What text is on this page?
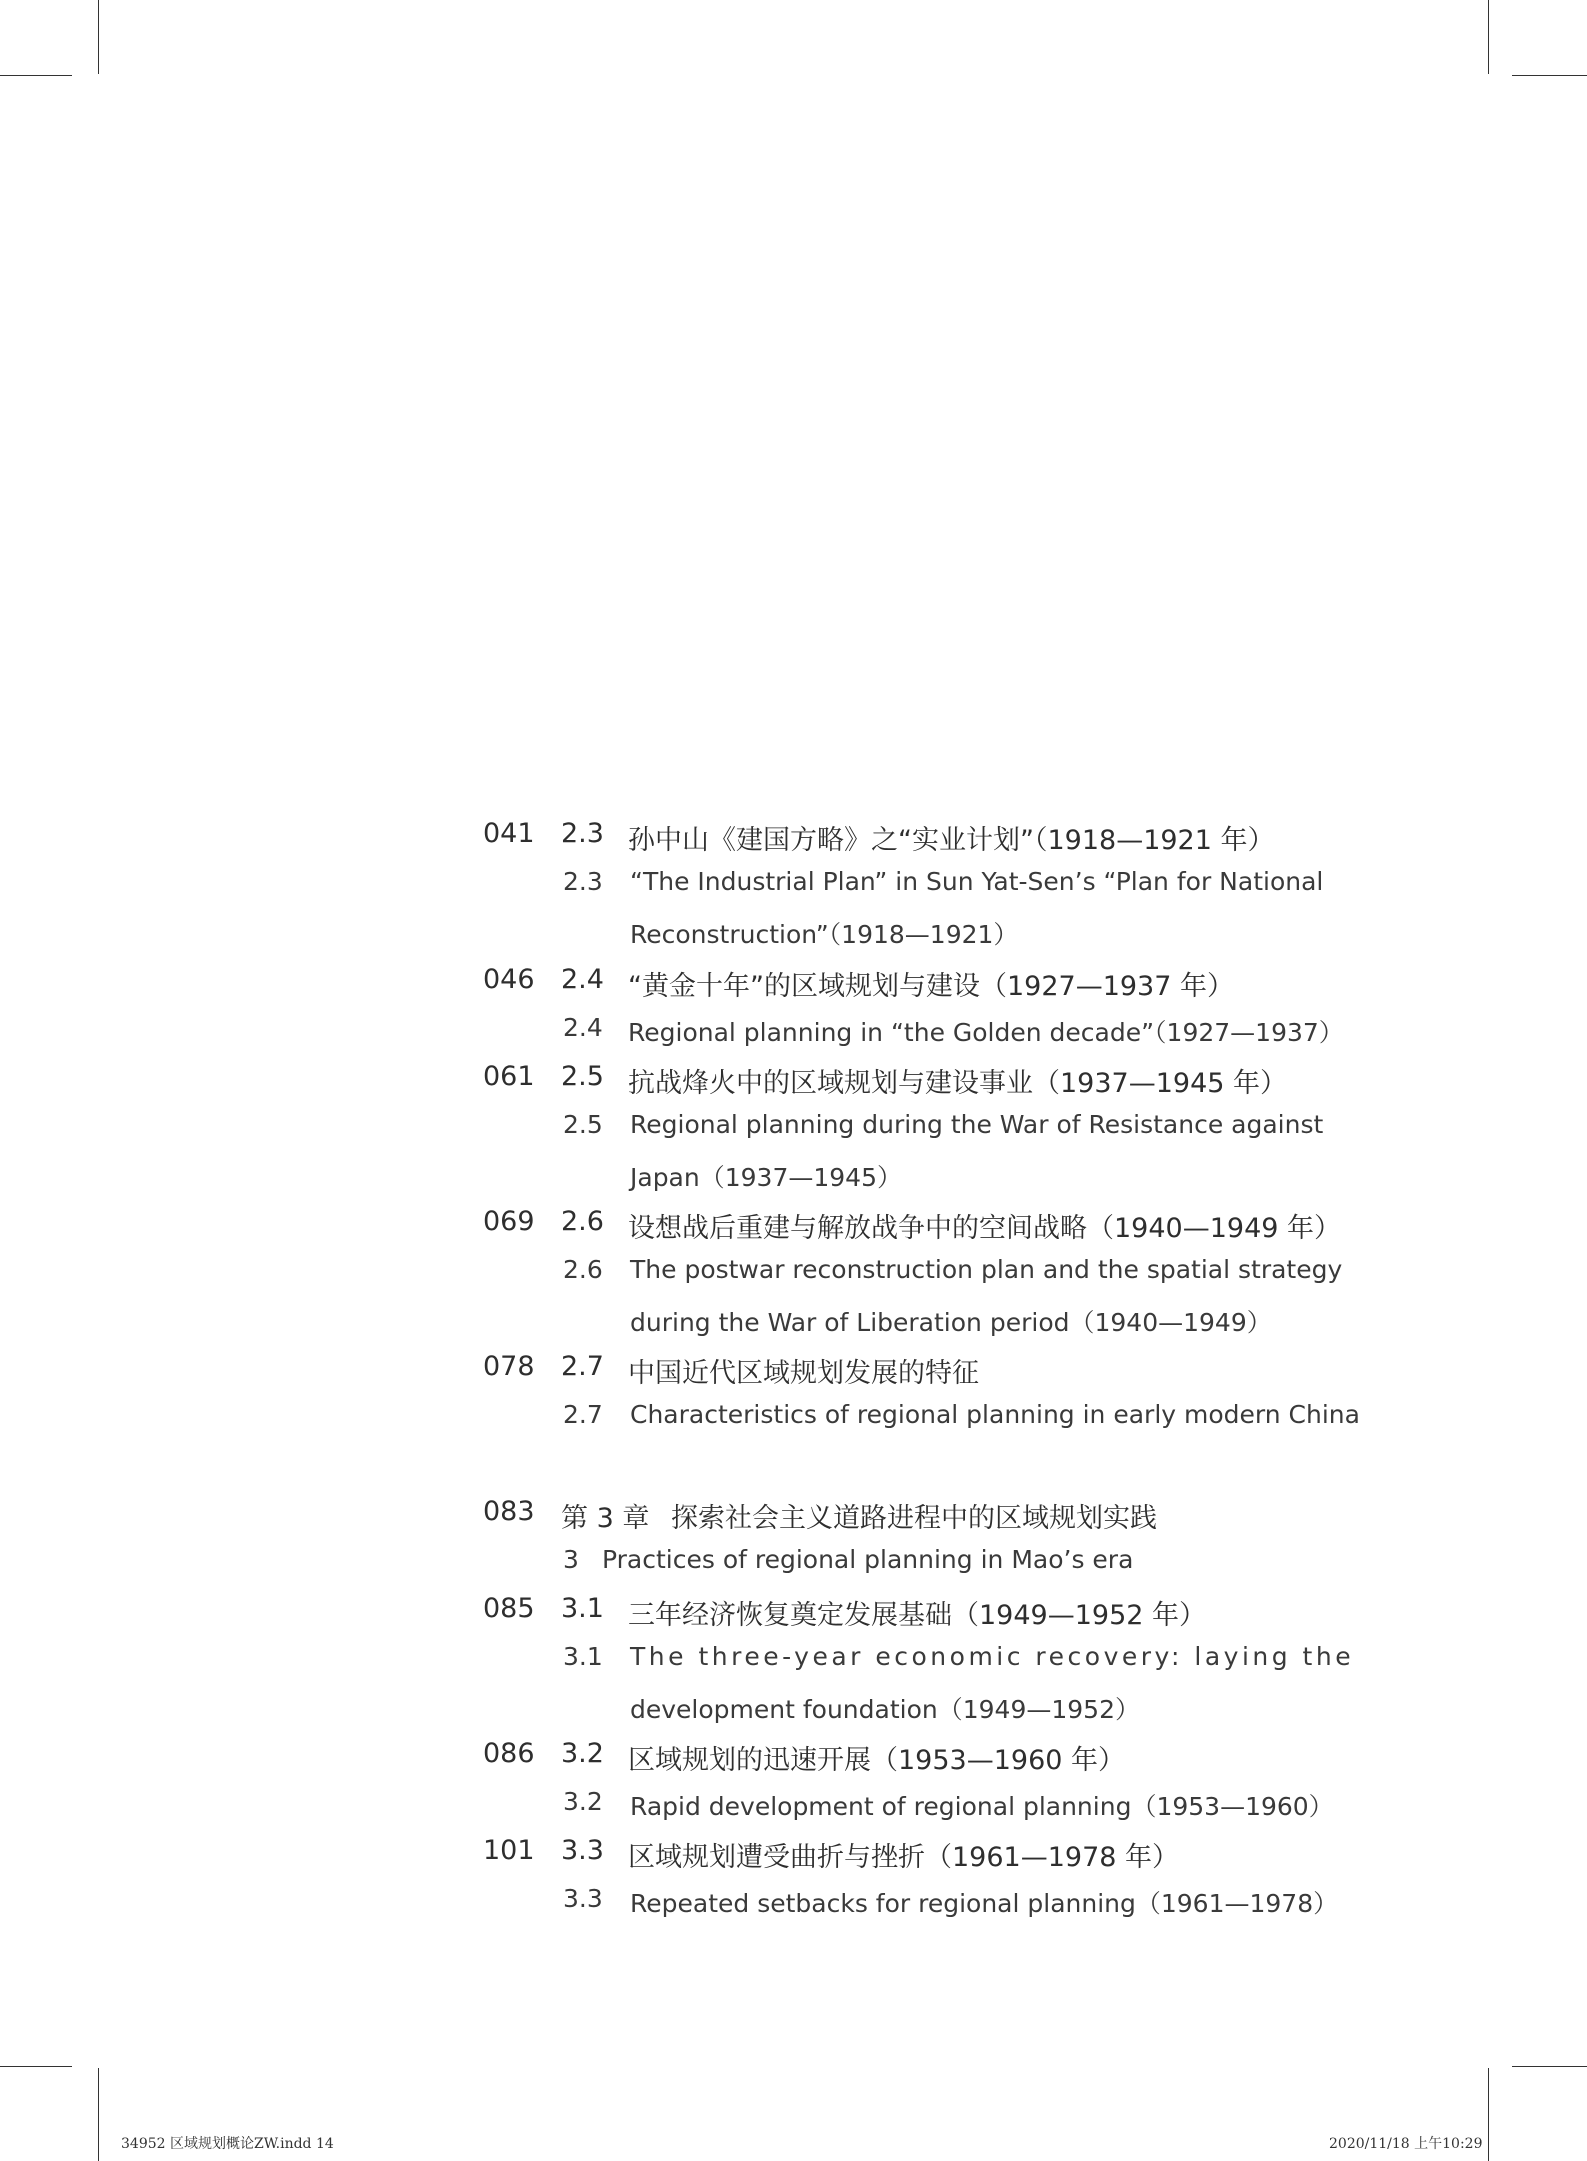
041 2.3 孙中山《建国方略》之“实业计划”（1918—1921 年）
2.3 “The Industrial Plan” in Sun Yat-Sen’s “Plan for National
Reconstruction”（1918—1921）
046 2.4 “黄金十年”的区域规划与建设（1927—1937 年）
2.4 Regional planning in “the Golden decade”（1927—1937）
061 2.5 抗战烽火中的区域规划与建设事业（1937—1945 年）
2.5 Regional planning during the War of Resistance against
Japan（1937—1945）
069 2.6 设想战后重建与解放战争中的空间战略（1940—1949 年）
2.6 The postwar reconstruction plan and the spatial strategy
during the War of Liberation period（1940—1949）
078 2.7 中国近代区域规划发展的特征
2.7 Characteristics of regional planning in early modern China
083 第 3 章 探索社会主义道路进程中的区域规划实践
3 Practices of regional planning in Mao’s era
085 3.1 三年经济恢复奠定发展基础（1949—1952 年）
3.1 The three-year economic recovery: laying the
development foundation（1949—1952）
086 3.2 区域规划的迅速开展（1953—1960 年）
3.2 Rapid development of regional planning（1953—1960）
101 3.3 区域规划遭受曲折与挫折（1961—1978 年）
3.3 Repeated setbacks for regional planning（1961—1978）
34952 区域规划概论ZW.indd 14	2020/11/18 上午10:29
